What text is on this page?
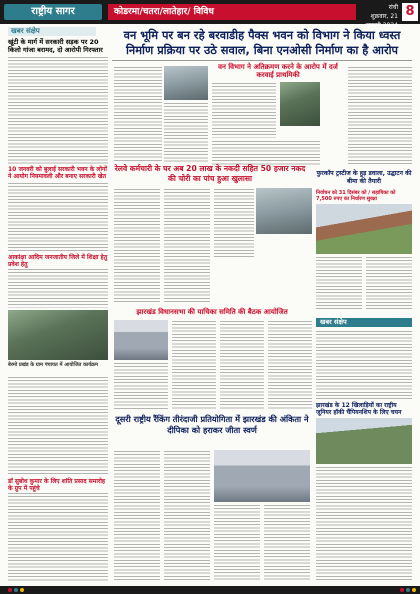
राष्ट्रीय सागर	कोडरमा/चतरा/लातेहार/ विविध	रांची
शुक्रवार, 21 जनवरी 2024
8
खबर संक्षेप
खूंटी के मार्ग में सरकारी सड़क पर 20 किलो गांजा बरामद, दो आरोपी गिरफ्तार
10 जनवरी को बुलाई सरकारी भवन के लोगों ने आयोग नियमावली और बनाए सरकारी खेत
आकांक्षा आदिम जनजातीय जिले में शिक्षा हेतु प्रवेश हेतु
बेरमो प्रखंड के ग्राम पंचायत में आयोजित कार्यक्रम
डॉ सुबोध कुमार के लिए शांति प्रसाद समारोह के ग्रुप में पहुंचे
वन भूमि पर बन रहे बरवाडीह पैक्स भवन को विभाग ने किया ध्वस्त निर्माण प्रक्रिया पर उठे सवाल, बिना एनओसी निर्माण का है आरोप
वन विभाग ने अतिक्रमण करने के आरोप में दर्ज करवाई प्राथमिकी
रेलवे कर्मचारी के घर अब 20 लाख के नकदी सहित 50 हजार नकद की चोरी का पांच हुआ खुलासा
फुरकॉप ट्रस्टीज के हुड़ डवाला, उद्घाटन की बीमा की तैयारी
निर्वाचन को 31 दिसंबर को / सहायिका को 7,500 रुपए का निर्धारण सुरक्षा
झारखंड विधानसभा की याचिका समिति की बैठक आयोजित
खबर संक्षेप
झारखंड के 12 खिलाड़ियों का राष्ट्रीय जूनियर हॉकी चैंपियनशिप के लिए चयन
दूसरी राष्ट्रीय रैंकिंग तीरंदाजी प्रतियोगिता में झारखंड की अंकिता ने दीपिका को हराकर जीता स्वर्ण
